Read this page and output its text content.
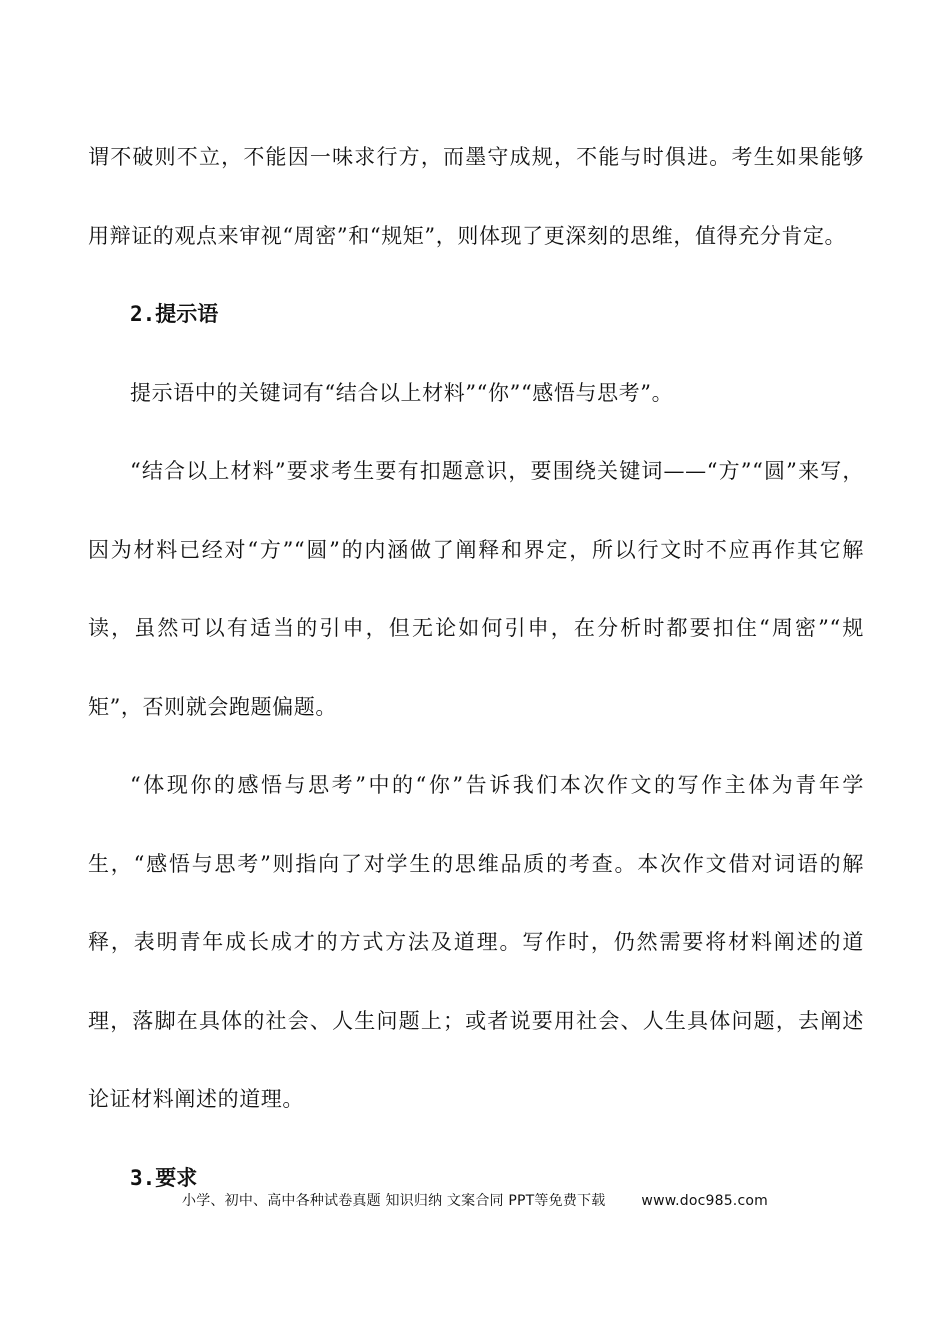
谓不破则不立，不能因一味求行方，而墨守成规，不能与时俱进。考生如果能够用辩证的观点来审视“周密”和“规矩”，则体现了更深刻的思维，值得充分肯定。

2.提示语

提示语中的关键词有“结合以上材料”“你”“感悟与思考”。

“结合以上材料”要求考生要有扣题意识，要围绕关键词——“方”“圆”来写，因为材料已经对“方”“圆”的内涵做了阐释和界定，所以行文时不应再作其它解读，虽然可以有适当的引申，但无论如何引申，在分析时都要扣住“周密”“规矩”，否则就会跑题偏题。

“体现你的感悟与思考”中的“你”告诉我们本次作文的写作主体为青年学生，“感悟与思考”则指向了对学生的思维品质的考查。本次作文借对词语的解释，表明青年成长成才的方式方法及道理。写作时，仍然需要将材料阐述的道理，落脚在具体的社会、人生问题上；或者说要用社会、人生具体问题，去阐述论证材料阐述的道理。

3.要求
小学、初中、高中各种试卷真题 知识归纳 文案合同 PPT等免费下载	www.doc985.com
